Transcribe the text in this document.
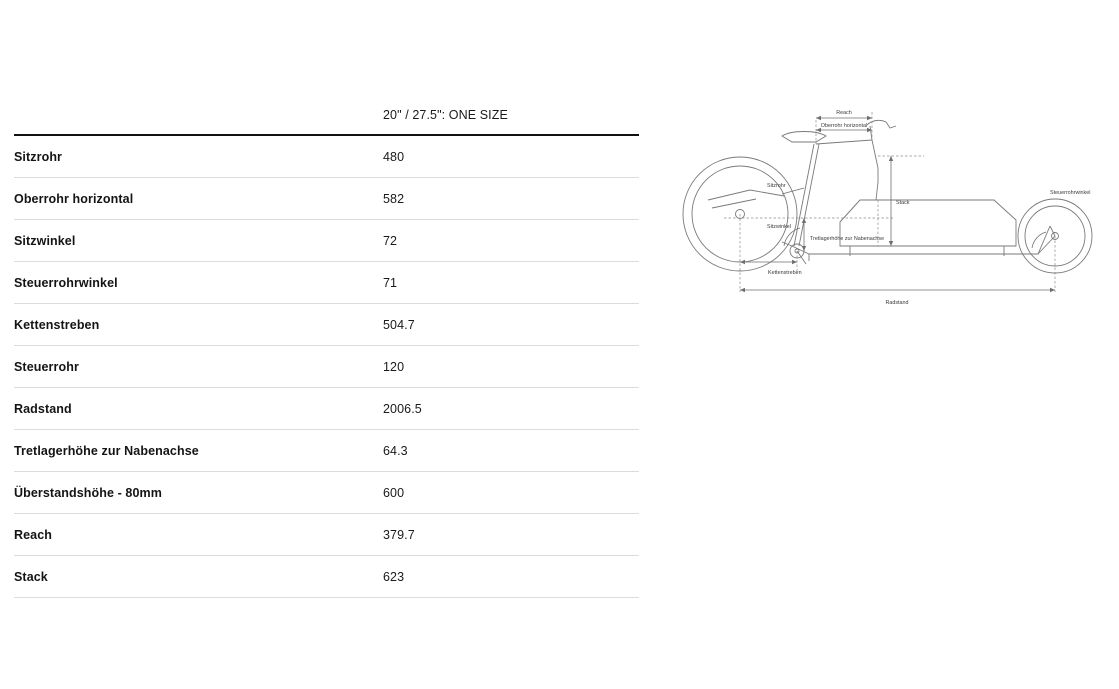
	20" / 27.5": ONE SIZE
Sitzrohr	480
Oberrohr horizontal	582
Sitzwinkel	72
Steuerrohrwinkel	71
Kettenstreben	504.7
Steuerrohr	120
Radstand	2006.5
Tretlagerhöhe zur Nabenachse	64.3
Überstandshöhe - 80mm	600
Reach	379.7
Stack	623
Reach
Oberrohr horizontal
Sitzrohr
Sitzwinkel
Stack
Steuerrohrwinkel
Kettenstreben
Tretlagerhöhe zur Nabenachse
Radstand
